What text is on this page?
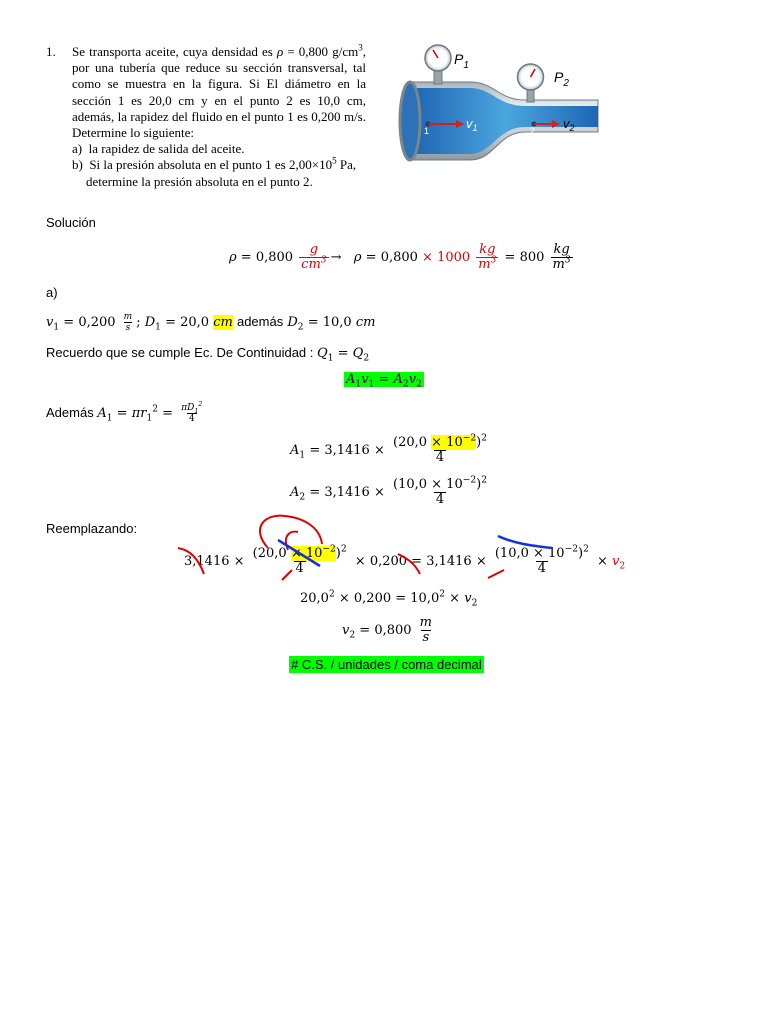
1.	Se transporta aceite, cuya densidad es ρ = 0,800 $g/cm^3$, por una tubería que reduce su sección transversal, tal como se muestra en la figura. Si El diámetro en la sección 1 es 20,0 cm y en el punto 2 es 10,0 cm, además, la rapidez del fluido en el punto 1 es 0,200 m/s. Determine lo siguiente:
a)  la rapidez de salida del aceite.
b)  Si la presión absoluta en el punto 1 es $2,00\times 10^5$ Pa, determine la presión absoluta en el punto 2.
$P_1$
$P_2$
1	$v_1$	2 $v_2$
Solución
$\rho = 0,800 \frac{g}{cm^3} \to \rho = 0,800 \times 1000 \frac{kg}{m^3} = 800 \frac{kg}{m^3}$
a)
$v_1 = 0,200 \frac{m}{s}$ ; $D_1 = 20,0$ cm además $D_2 = 10,0$ cm
Recuerdo que se cumple Ec. De Continuidad : $Q_1 = Q_2$
$A_1v_1 = A_2v_2$
Además $A_1 = \pi r_1^2 = \frac{\pi D_1^2}{4}$
$A_1 = 3,1416 \times \frac{(20,0 \times 10^{-2})^2}{4}$
$A_2 = 3,1416 \times \frac{(10,0 \times 10^{-2})^2}{4}$
Reemplazando:
$3,1416 \times \frac{(20,0 \times 10^{-2})^2}{4} \times 0,200 = 3,1416 \times \frac{(10,0 \times 10^{-2})^2}{4} \times v_2$
$20,0^2 \times 0,200 = 10,0^2 \times v_2$
$v_2 = 0,800 \frac{m}{s}$
# C.S. / unidades / coma decimal
